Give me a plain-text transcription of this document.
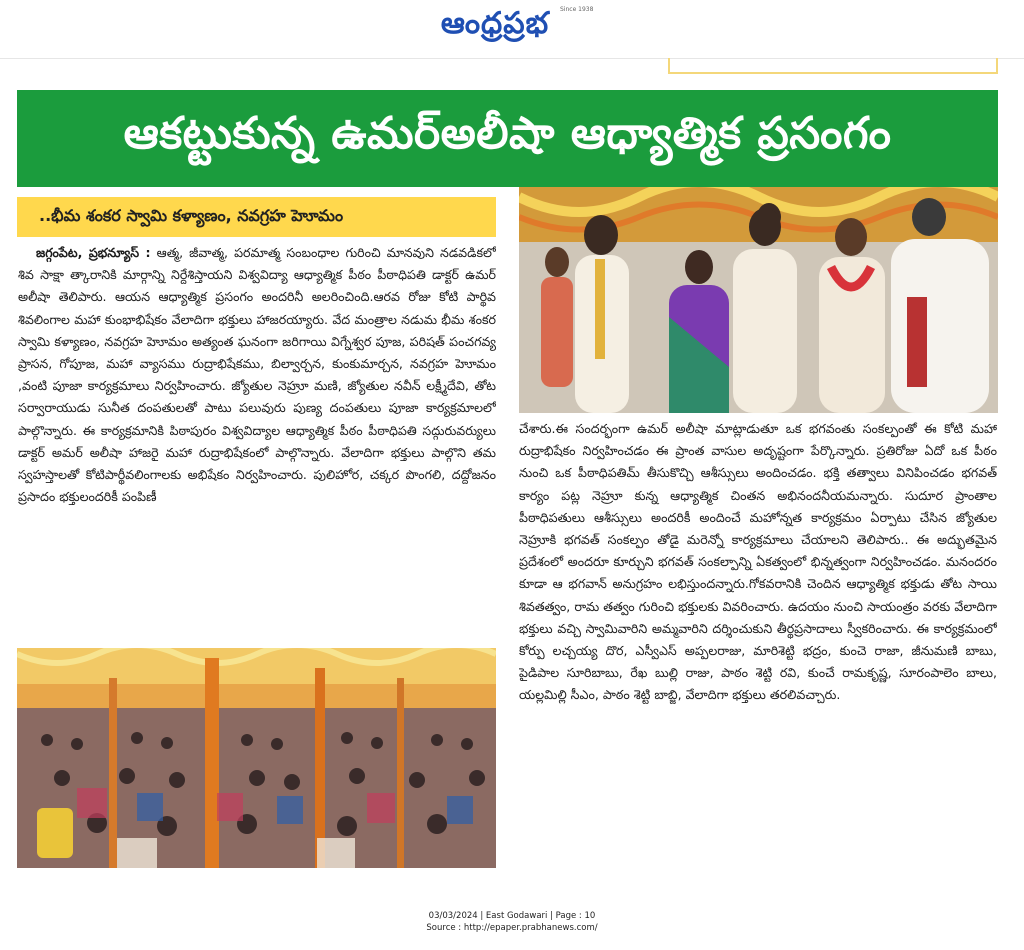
ఆంధ్రప్రభ	Since 1938
ఆకట్టుకున్న ఉమర్‌అలీషా ఆధ్యాత్మిక ప్రసంగం
..భీమ శంకర స్వామి కళ్యాణం, నవగ్రహ హెూమం

జగ్గంపేట, ప్రభన్యూస్ : ఆత్మ, జీవాత్మ, పరమాత్మ సంబంధాల గురించి మానవుని నడవడికలో శివ సాక్షా త్కారానికి మార్గాన్ని నిర్దేశిస్తాయని విశ్వవిద్యా ఆధ్యాత్మిక పీఠం పీఠాధిపతి డాక్టర్ ఉమర్ అలీషా తెలిపారు. ఆయన ఆధ్యాత్మిక ప్రసంగం అందరినీ అలరించింది.ఆరవ రోజు కోటి పార్థివ శివలింగాల మహా కుంభాభిషేకం వేలాదిగా భక్తులు హాజరయ్యారు. వేద మంత్రాల నడుమ భీమ శంకర స్వామి కళ్యాణం, నవగ్రహ హెూమం అత్యంత ఘనంగా జరిగాయి విగ్నేశ్వర పూజ, పరిషత్ పంచగవ్య ప్రాసన, గోపూజ, మహా వ్యాసము రుద్రాభిషేకము, బిల్వార్చన, కుంకుమార్చన, నవగ్రహ హెూమం ,వంటి పూజా కార్యక్రమాలు నిర్వహించారు. జ్యోతుల నెహ్రూ మణి, జ్యోతుల నవీన్ లక్ష్మీదేవి, తోట సర్వారాయుడు సునీత దంపతులతో పాటు పలువురు పుణ్య దంపతులు పూజా కార్యక్రమాలలో పాల్గొన్నారు. ఈ కార్యక్రమానికి పిఠాపురం విశ్వవిద్యాల ఆధ్యాత్మిక పీఠం పీఠాధిపతి సద్గురువర్యులు డాక్టర్ అమర్ అలీషా హాజరై మహా రుద్రాభిషేకంలో పాల్గొన్నారు. వేలాదిగా భక్తులు పాల్గొని తమ స్వహస్తాలతో కోటిపార్థీవలింగాలకు అభిషేకం నిర్వహించారు. పులిహోర, చక్కర పొంగలి, దద్దోజనం ప్రసాదం భక్తులందరికీ పంపిణీ

చేశారు.ఈ సందర్భంగా ఉమర్ అలీషా మాట్లాడుతూ ఒక భగవంతు సంకల్పంతో ఈ కోటి మహా రుద్రాభిషేకం నిర్వహించడం ఈ ప్రాంత వాసుల అదృష్టంగా పేర్కొన్నారు. ప్రతిరోజు ఏదో ఒక పీఠం నుంచి ఒక పీఠాధిపతిమ్ తీసుకొచ్చి ఆశీస్సులు అందించడం. భక్తి తత్వాలు వినిపించడం భగవత్ కార్యం పట్ల నెహ్రూ కున్న ఆధ్యాత్మిక చింతన అభినందనీయమన్నారు. సుదూర ప్రాంతాల పీఠాధిపతులు ఆశీస్సులు అందరికీ అందించే మహోన్నత కార్యక్రమం ఏర్పాటు చేసిన జ్యోతుల నెహ్రూకి భగవత్ సంకల్పం తోడై మరెన్నో కార్యక్రమాలు చేయాలని తెలిపారు.. ఈ అద్భుతమైన ప్రదేశంలో అందరూ కూర్చుని భగవత్ సంకల్పాన్ని ఏకత్వంలో భిన్నత్వంగా నిర్వహించడం. మనందరం కూడా ఆ భగవాన్ అనుగ్రహం లభిస్తుందన్నారు.గోకవరానికి చెందిన ఆధ్యాత్మిక భక్తుడు తోట సాయి శివతత్వం, రామ తత్వం గురించి భక్తులకు వివరించారు. ఉదయం నుంచి సాయంత్రం వరకు వేలాదిగా భక్తులు వచ్చి స్వామివారిని అమ్మవారిని దర్శించుకుని తీర్థప్రసాదాలు స్వీకరించారు. ఈ కార్యక్రమంలో కోర్పు లచ్చయ్య దొర, ఎస్వీఎస్ అప్పలరాజు, మారిశెట్టి భద్రం, కుంచె రాజా, జీనుమణి బాబు, పైడిపాల సూరిబాబు, రేఖ బుల్లి రాజు, పాఠం శెట్టి రవి, కుంచే రామకృష్ణ, సూరంపాలెం బాలు, యల్లమిల్లి సీఎం, పాఠం శెట్టి బాబ్జి, వేలాదిగా భక్తులు తరలివచ్చారు.

03/03/2024 | East Godawari | Page : 10
Source : http://epaper.prabhanews.com/
